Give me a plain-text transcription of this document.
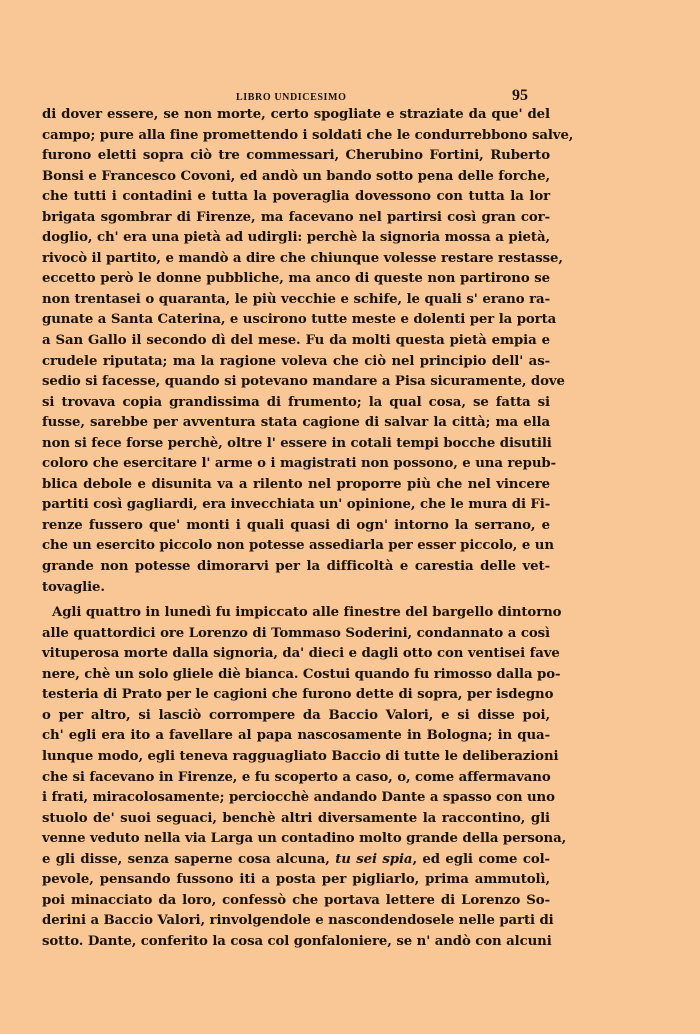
LIBRO UNDICESIMO	95
di dover essere, se non morte, certo spogliate e straziate da que' del
campo; pure alla fine promettendo i soldati che le condurrebbono salve,
furono eletti sopra ciò tre commessari, Cherubino Fortini, Ruberto
Bonsi e Francesco Covoni, ed andò un bando sotto pena delle forche,
che tutti i contadini e tutta la poveraglia dovessono con tutta la lor
brigata sgombrar di Firenze, ma facevano nel partirsi così gran cor-
doglio, ch' era una pietà ad udirgli: perchè la signoria mossa a pietà,
rivocò il partito, e mandò a dire che chiunque volesse restare restasse,
eccetto però le donne pubbliche, ma anco di queste non partirono se
non trentasei o quaranta, le più vecchie e schife, le quali s' erano ra-
gunate a Santa Caterina, e uscirono tutte meste e dolenti per la porta
a San Gallo il secondo dì del mese. Fu da molti questa pietà empia e
crudele riputata; ma la ragione voleva che ciò nel principio dell' as-
sedio si facesse, quando si potevano mandare a Pisa sicuramente, dove
si trovava copia grandissima di frumento; la qual cosa, se fatta si
fusse, sarebbe per avventura stata cagione di salvar la città; ma ella
non si fece forse perchè, oltre l' essere in cotali tempi bocche disutili
coloro che esercitare l' arme o i magistrati non possono, e una repub-
blica debole e disunita va a rilento nel proporre più che nel vincere
partiti così gagliardi, era invecchiata un' opinione, che le mura di Fi-
renze fussero que' monti i quali quasi di ogn' intorno la serrano, e
che un esercito piccolo non potesse assediarla per esser piccolo, e un
grande non potesse dimorarvi per la difficoltà e carestia delle vet-
tovaglie.
Agli quattro in lunedì fu impiccato alle finestre del bargello dintorno
alle quattordici ore Lorenzo di Tommaso Soderini, condannato a così
vituperosa morte dalla signoria, da' dieci e dagli otto con ventisei fave
nere, chè un solo gliele diè bianca. Costui quando fu rimosso dalla po-
testeria di Prato per le cagioni che furono dette di sopra, per isdegno
o per altro, si lasciò corrompere da Baccio Valori, e si disse poi,
ch' egli era ito a favellare al papa nascosamente in Bologna; in qua-
lunque modo, egli teneva ragguagliato Baccio di tutte le deliberazioni
che si facevano in Firenze, e fu scoperto a caso, o, come affermavano
i frati, miracolosamente; perciocchè andando Dante a spasso con uno
stuolo de' suoi seguaci, benchè altri diversamente la raccontino, gli
venne veduto nella via Larga un contadino molto grande della persona,
e gli disse, senza saperne cosa alcuna, tu sei spia, ed egli come col-
pevole, pensando fussono iti a posta per pigliarlo, prima ammutolì,
poi minacciato da loro, confessò che portava lettere di Lorenzo So-
derini a Baccio Valori, rinvolgendole e nascondendosele nelle parti di
sotto. Dante, conferito la cosa col gonfaloniere, se n' andò con alcuni
